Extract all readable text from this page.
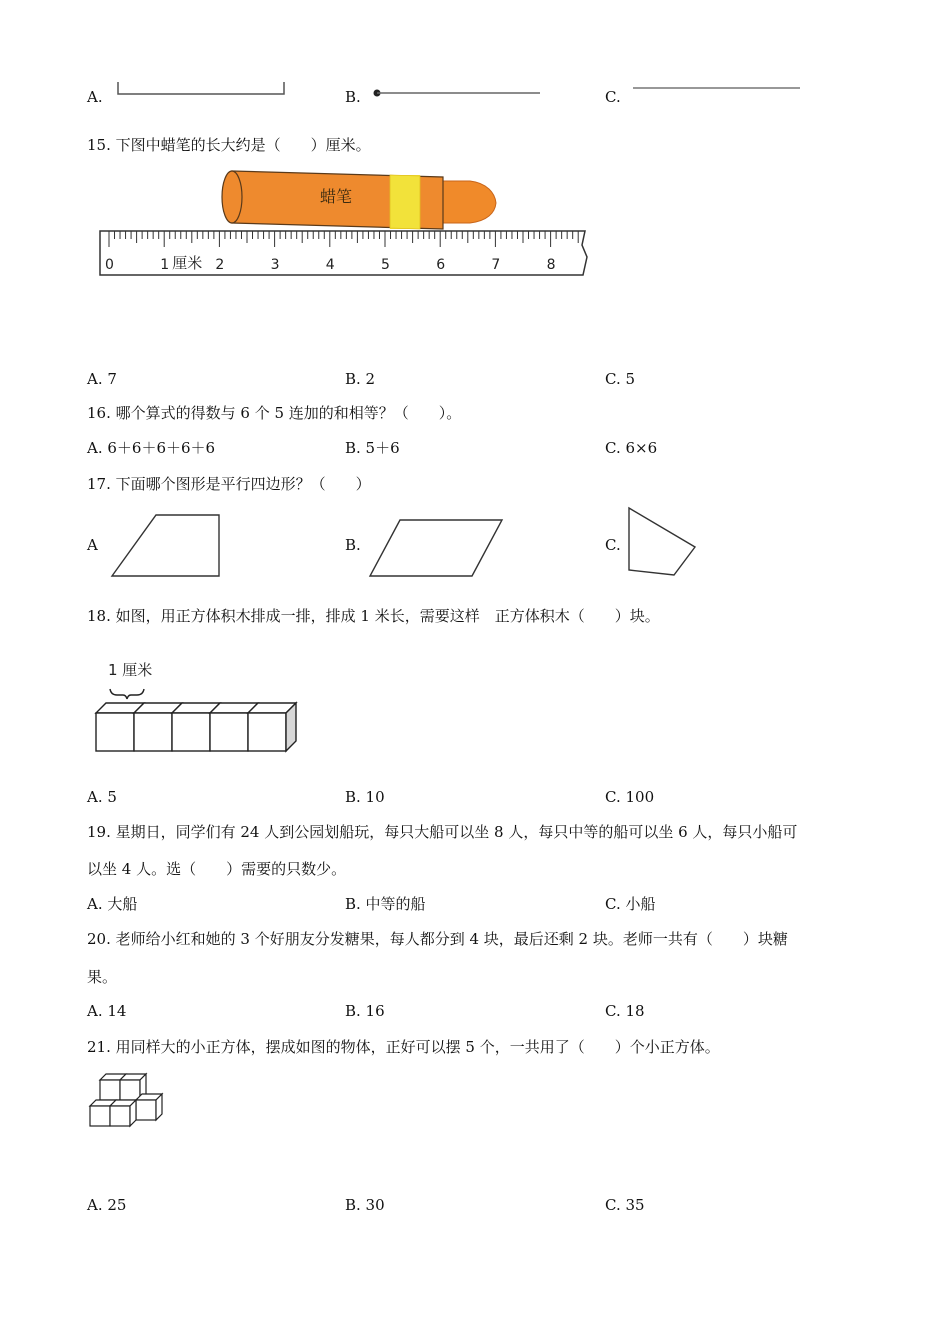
A.	B.	C.
15. 下图中蜡笔的长大约是（　　）厘米。
0	1	2	3	4	5	6	7	8
厘米
蜡笔
A. 7	B. 2	C. 5
16. 哪个算式的得数与 6 个 5 连加的和相等？（　　）。
A. 6＋6＋6＋6＋6	B. 5＋6	C. 6×6
17. 下面哪个图形是平行四边形？（　　）
A	B.	C.
18. 如图，用正方体积木排成一排，排成 1 米长，需要这样　正方体积木（　　）块。
1 厘米
A. 5	B. 10	C. 100
19. 星期日，同学们有 24 人到公园划船玩，每只大船可以坐 8 人，每只中等的船可以坐 6 人，每只小船可
以坐 4 人。选（　　）需要的只数少。
A. 大船	B. 中等的船	C. 小船
20. 老师给小红和她的 3 个好朋友分发糖果，每人都分到 4 块，最后还剩 2 块。老师一共有（　　）块糖
果。
A. 14	B. 16	C. 18
21. 用同样大的小正方体，摆成如图的物体，正好可以摆 5 个，一共用了（　　）个小正方体。
A. 25	B. 30	C. 35
